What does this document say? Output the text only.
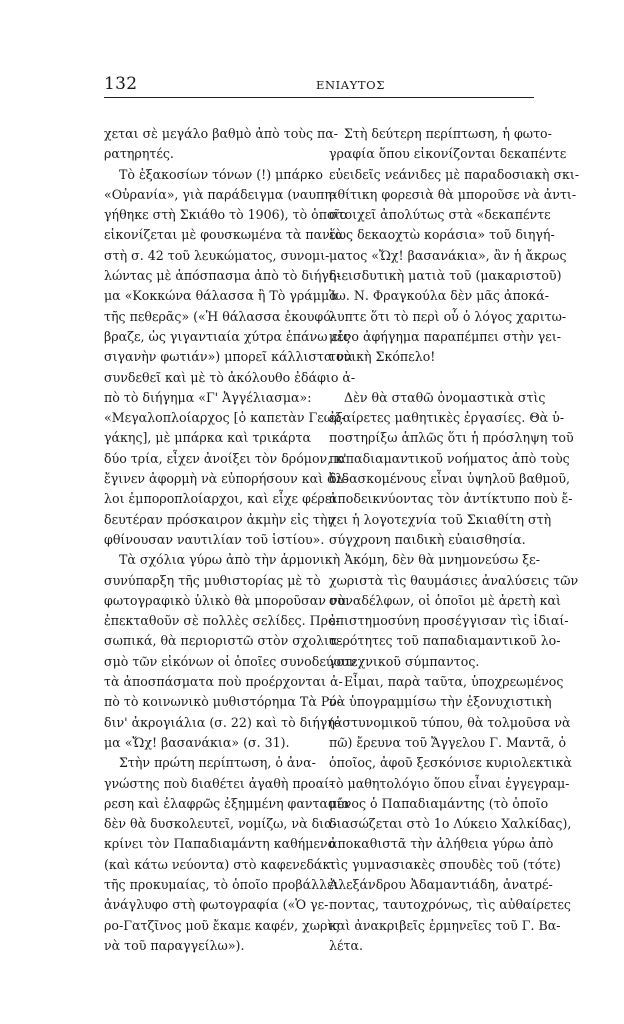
132	ΕΝΙΑΥΤΟΣ
χεται σὲ μεγάλο βαθμὸ ἀπὸ τοὺς πα-
ρατηρητές.
Τὸ ἑξακοσίων τόνων (!) μπάρκο
«Οὐρανία», γιὰ παράδειγμα (ναυπη-
γήθηκε στὴ Σκιάθο τὸ 1906), τὸ ὁποῖο
εἰκονίζεται μὲ φουσκωμένα τὰ πανιὰ
στὴ σ. 42 τοῦ λευκώματος, συνομι-
λώντας μὲ ἀπόσπασμα ἀπὸ τὸ διήγη-
μα «Κοκκώνα θάλασσα ἢ Τὸ γράμμα
τῆς πεθερᾶς» («Ἡ θάλασσα ἐκουφό-
βραζε, ὡς γιγαντιαία χύτρα ἐπάνω εἰς
σιγανὴν φωτιάν») μπορεῖ κάλλιστα νὰ
συνδεθεῖ καὶ μὲ τὸ ἀκόλουθο ἐδάφιο ἀ-
πὸ τὸ διήγημα «Γ' Ἀγγέλιασμα»:
«Μεγαλοπλοίαρχος [ὁ καπετὰν Γεωρ-
γάκης], μὲ μπάρκα καὶ τρικάρτα
δύο τρία, εἶχεν ἀνοίξει τὸν δρόμον, κ'
ἔγινεν ἀφορμὴ νὰ εὐπορήσουν καὶ ἄλ-
λοι ἐμποροπλοίαρχοι, καὶ εἶχε φέρει
δευτέραν πρόσκαιρον ἀκμὴν εἰς τὴν
φθίνουσαν ναυτιλίαν τοῦ ἱστίου».
Τὰ σχόλια γύρω ἀπὸ τὴν ἁρμονικὴ
συνύπαρξη τῆς μυθιστορίας μὲ τὸ
φωτογραφικὸ ὑλικὸ θὰ μποροῦσαν νὰ
ἐπεκταθοῦν σὲ πολλὲς σελίδες. Προ-
σωπικά, θὰ περιοριστῶ στὸν σχολια-
σμὸ τῶν εἰκόνων οἱ ὁποῖες συνοδεύουν
τὰ ἀποσπάσματα ποὺ προέρχονται ἀ-
πὸ τὸ κοινωνικὸ μυθιστόρημα Τὰ Ρό-
διν' ἀκρογιάλια (σ. 22) καὶ τὸ διήγη-
μα «Ὤχ! βασανάκια» (σ. 31).
Στὴν πρώτη περίπτωση, ὁ ἀνα-
γνώστης ποὺ διαθέτει ἀγαθὴ προαί-
ρεση καὶ ἐλαφρῶς ἐξημμένη φαντασία
δὲν θὰ δυσκολευτεῖ, νομίζω, νὰ δια-
κρίνει τὸν Παπαδιαμάντη καθήμενο
(καὶ κάτω νεύοντα) στὸ καφενεδάκι
τῆς προκυμαίας, τὸ ὁποῖο προβάλλει
ἀνάγλυφο στὴ φωτογραφία («Ὁ γε-
ρο-Γατζῖνος μοῦ ἔκαμε καφέν, χωρὶς
νὰ τοῦ παραγγείλω»).
Στὴ δεύτερη περίπτωση, ἡ φωτο-
γραφία ὅπου εἰκονίζονται δεκαπέντε
εὐειδεῖς νεάνιδες μὲ παραδοσιακὴ σκι-
αθίτικη φορεσιὰ θὰ μποροῦσε νὰ ἀντι-
στοιχεῖ ἀπολύτως στὰ «δεκαπέντε
ἕως δεκαοχτὼ κοράσια» τοῦ διηγή-
ματος «Ὤχ! βασανάκια», ἂν ἡ ἄκρως
διεισδυτικὴ ματιὰ τοῦ (μακαριστοῦ)
Ἰω. Ν. Φραγκούλα δὲν μᾶς ἀποκά-
λυπτε ὅτι τὸ περὶ οὗ ὁ λόγος χαριτω-
μένο ἀφήγημα παραπέμπει στὴν γει-
τονικὴ Σκόπελο!
Δὲν θὰ σταθῶ ὀνομαστικὰ στὶς
ἐξαίρετες μαθητικὲς ἐργασίες. Θὰ ὑ-
ποστηρίξω ἁπλῶς ὅτι ἡ πρόσληψη τοῦ
παπαδιαμαντικοῦ νοήματος ἀπὸ τοὺς
διδασκομένους εἶναι ὑψηλοῦ βαθμοῦ,
ἀποδεικνύοντας τὸν ἀντίκτυπο ποὺ ἔ-
χει ἡ λογοτεχνία τοῦ Σκιαθίτη στὴ
σύγχρονη παιδικὴ εὐαισθησία.
Ἀκόμη, δὲν θὰ μνημονεύσω ξε-
χωριστὰ τὶς θαυμάσιες ἀναλύσεις τῶν
συναδέλφων, οἱ ὁποῖοι μὲ ἀρετὴ καὶ
ἐπιστημοσύνη προσέγγισαν τὶς ἰδιαί-
τερότητες τοῦ παπαδιαμαντικοῦ λο-
γοτεχνικοῦ σύμπαντος.
Εἶμαι, παρὰ ταῦτα, ὑποχρεωμένος
νὰ ὑπογραμμίσω τὴν ἐξονυχιστικὴ
(ἀστυνομικοῦ τύπου, θὰ τολμοῦσα νὰ
πῶ) ἔρευνα τοῦ Ἄγγελου Γ. Μαντᾶ, ὁ
ὁποῖος, ἀφοῦ ξεσκόνισε κυριολεκτικὰ
τὸ μαθητολόγιο ὅπου εἶναι ἐγγεγραμ-
μένος ὁ Παπαδιαμάντης (τὸ ὁποῖο
διασώζεται στὸ 1ο Λύκειο Χαλκίδας),
ἀποκαθιστᾶ τὴν ἀλήθεια γύρω ἀπὸ
τὶς γυμνασιακὲς σπουδὲς τοῦ (τότε)
Ἀλεξάνδρου Ἀδαμαντιάδη, ἀνατρέ-
ποντας, ταυτοχρόνως, τὶς αὐθαίρετες
καὶ ἀνακριβεῖς ἑρμηνεῖες τοῦ Γ. Βα-
λέτα.
